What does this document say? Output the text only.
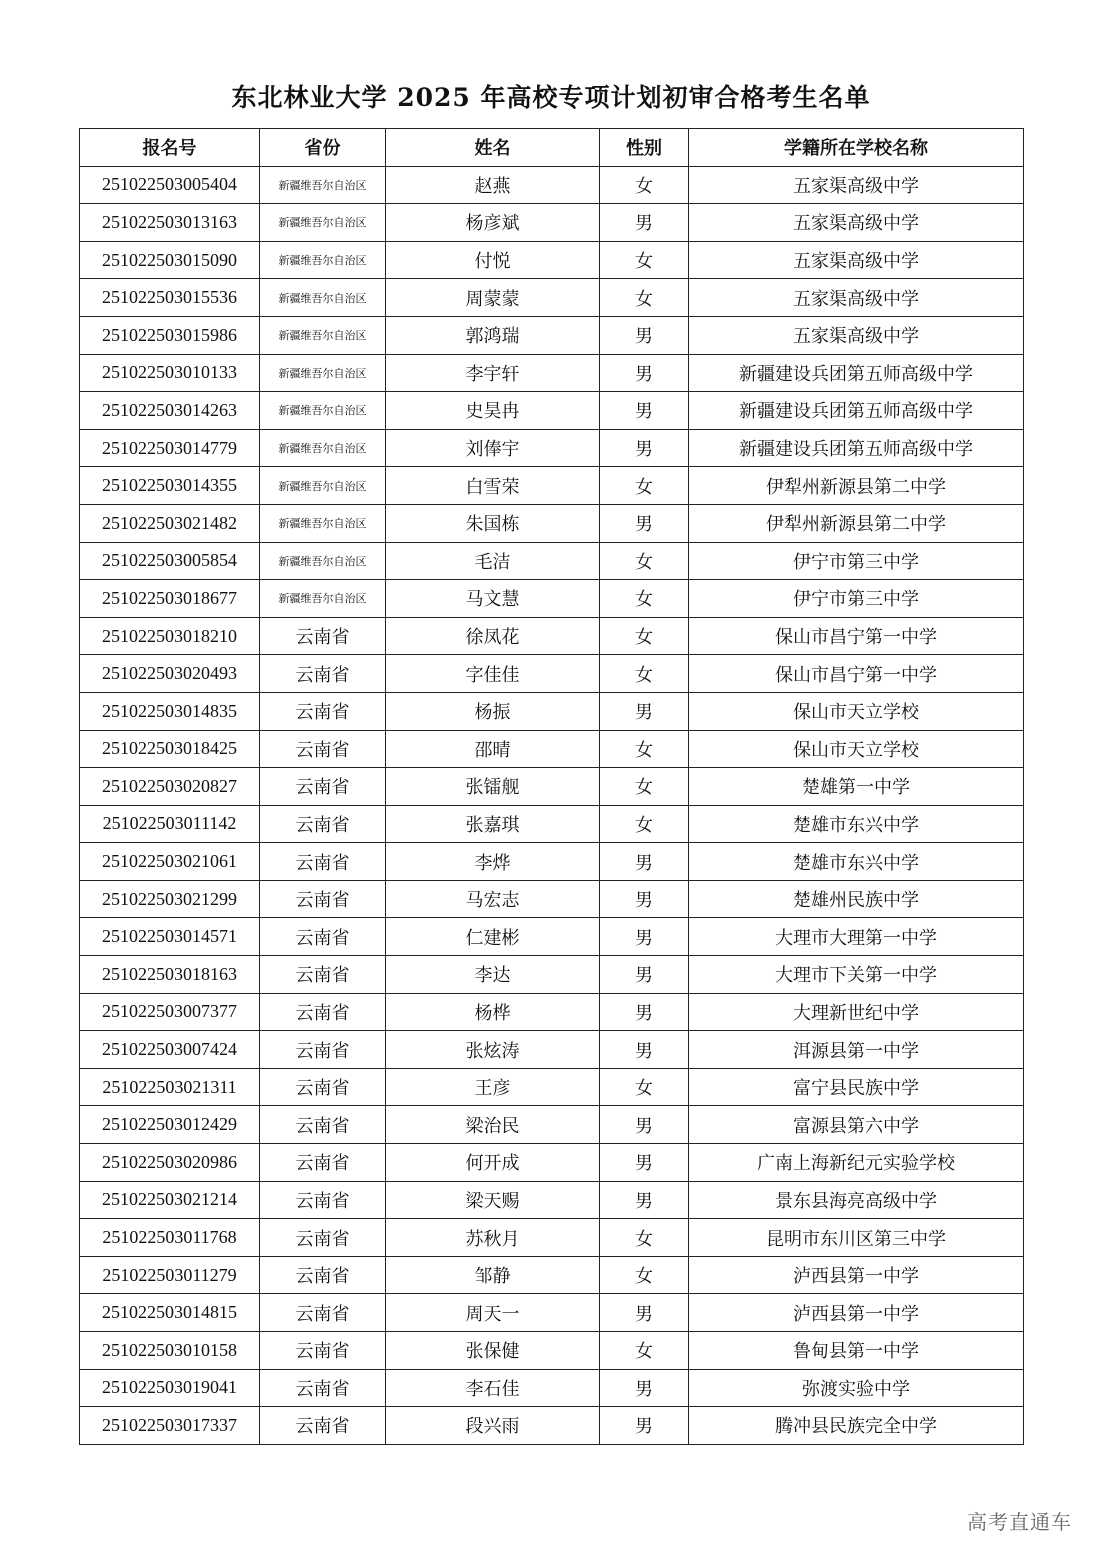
东北林业大学 2025 年高校专项计划初审合格考生名单
报名号	省份	姓名	性别	学籍所在学校名称
251022503005404	新疆维吾尔自治区	赵燕	女	五家渠高级中学
251022503013163	新疆维吾尔自治区	杨彦斌	男	五家渠高级中学
251022503015090	新疆维吾尔自治区	付悦	女	五家渠高级中学
251022503015536	新疆维吾尔自治区	周蒙蒙	女	五家渠高级中学
251022503015986	新疆维吾尔自治区	郭鸿瑞	男	五家渠高级中学
251022503010133	新疆维吾尔自治区	李宇轩	男	新疆建设兵团第五师高级中学
251022503014263	新疆维吾尔自治区	史昊冉	男	新疆建设兵团第五师高级中学
251022503014779	新疆维吾尔自治区	刘俸宇	男	新疆建设兵团第五师高级中学
251022503014355	新疆维吾尔自治区	白雪荣	女	伊犁州新源县第二中学
251022503021482	新疆维吾尔自治区	朱国栋	男	伊犁州新源县第二中学
251022503005854	新疆维吾尔自治区	毛洁	女	伊宁市第三中学
251022503018677	新疆维吾尔自治区	马文慧	女	伊宁市第三中学
251022503018210	云南省	徐凤花	女	保山市昌宁第一中学
251022503020493	云南省	字佳佳	女	保山市昌宁第一中学
251022503014835	云南省	杨振	男	保山市天立学校
251022503018425	云南省	邵晴	女	保山市天立学校
251022503020827	云南省	张镭舰	女	楚雄第一中学
251022503011142	云南省	张嘉琪	女	楚雄市东兴中学
251022503021061	云南省	李烨	男	楚雄市东兴中学
251022503021299	云南省	马宏志	男	楚雄州民族中学
251022503014571	云南省	仁建彬	男	大理市大理第一中学
251022503018163	云南省	李达	男	大理市下关第一中学
251022503007377	云南省	杨桦	男	大理新世纪中学
251022503007424	云南省	张炫涛	男	洱源县第一中学
251022503021311	云南省	王彦	女	富宁县民族中学
251022503012429	云南省	梁治民	男	富源县第六中学
251022503020986	云南省	何开成	男	广南上海新纪元实验学校
251022503021214	云南省	梁天赐	男	景东县海亮高级中学
251022503011768	云南省	苏秋月	女	昆明市东川区第三中学
251022503011279	云南省	邹静	女	泸西县第一中学
251022503014815	云南省	周天一	男	泸西县第一中学
251022503010158	云南省	张保健	女	鲁甸县第一中学
251022503019041	云南省	李石佳	男	弥渡实验中学
251022503017337	云南省	段兴雨	男	腾冲县民族完全中学
高考直通车
